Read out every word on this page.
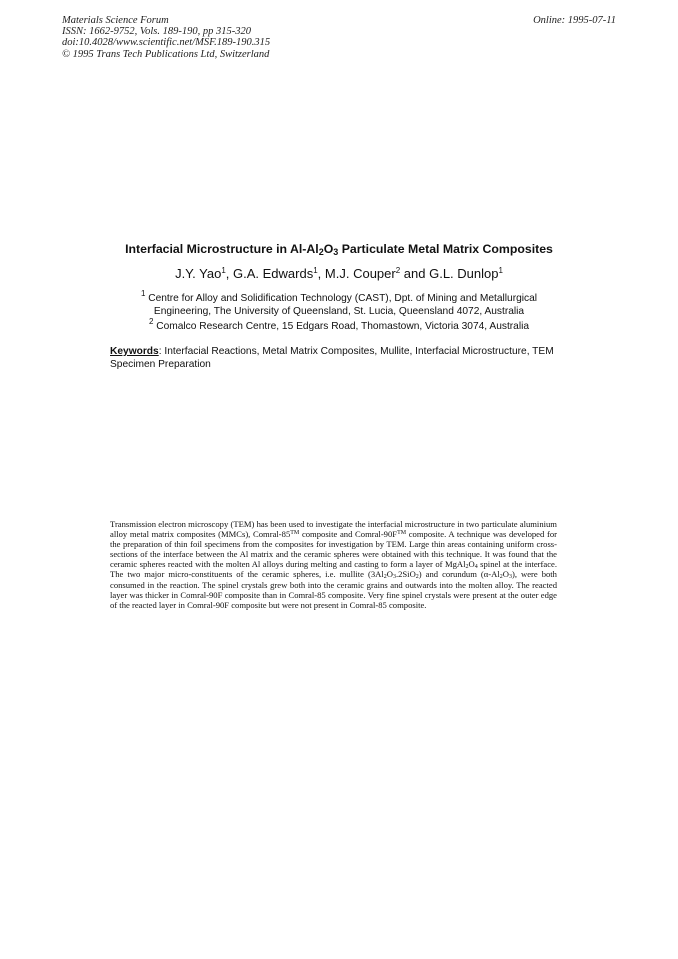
Materials Science Forum
ISSN: 1662-9752, Vols. 189-190, pp 315-320
doi:10.4028/www.scientific.net/MSF.189-190.315
© 1995 Trans Tech Publications Ltd, Switzerland
Online: 1995-07-11
Interfacial Microstructure in $Al-Al_2O_3$ Particulate Metal Matrix Composites
J.Y. Yao$^1$, G.A. Edwards$^1$, M.J. Couper$^2$ and G.L. Dunlop$^1$
$^1$ Centre for Alloy and Solidification Technology (CAST), Dpt. of Mining and Metallurgical
Engineering, The University of Queensland, St. Lucia, Queensland 4072, Australia
$^2$ Comalco Research Centre, 15 Edgars Road, Thomastown, Victoria 3074, Australia
Keywords: Interfacial Reactions, Metal Matrix Composites, Mullite, Interfacial Microstructure, TEM Specimen Preparation
Transmission electron microscopy (TEM) has been used to investigate the interfacial microstructure in two particulate aluminium alloy metal matrix composites (MMCs), Comral-85™ composite and Comral-90F™ composite. A technique was developed for the preparation of thin foil specimens from the composites for investigation by TEM. Large thin areas containing uniform cross-sections of the interface between the Al matrix and the ceramic spheres were obtained with this technique. It was found that the ceramic spheres reacted with the molten Al alloys during melting and casting to form a layer of $MgAl_2O_4$ spinel at the interface. The two major micro-constituents of the ceramic spheres, i.e. mullite $(3Al_2O_3.2SiO_2)$ and corundum $(\alpha-Al_2O_3)$, were both consumed in the reaction. The spinel crystals grew both into the ceramic grains and outwards into the molten alloy. The reacted layer was thicker in Comral-90F composite than in Comral-85 composite. Very fine spinel crystals were present at the outer edge of the reacted layer in Comral-90F composite but were not present in Comral-85 composite.
